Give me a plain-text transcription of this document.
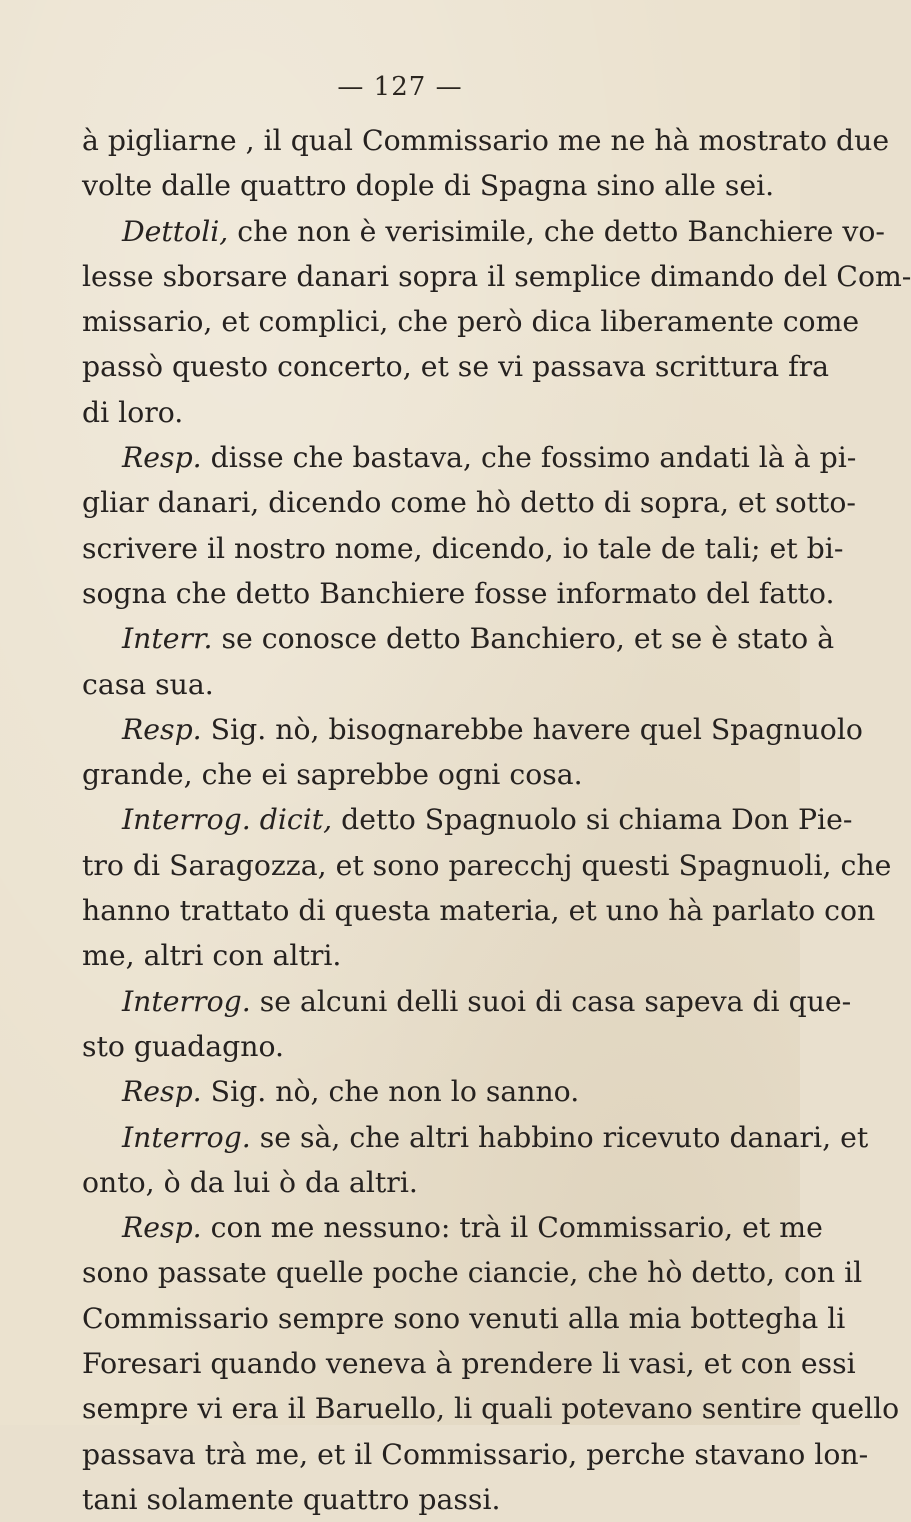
— 127 —
à pigliarne , il qual Commissario me ne hà mostrato due
volte dalle quattro dople di Spagna sino alle sei.
Dettoli, che non è verisimile, che detto Banchiere vo-
lesse sborsare danari sopra il semplice dimando del Com-
missario, et complici, che però dica liberamente come
passò questo concerto, et se vi passava scrittura fra
di loro.
Resp. disse che bastava, che fossimo andati là à pi-
gliar danari, dicendo come hò detto di sopra, et sotto-
scrivere il nostro nome, dicendo, io tale de tali; et bi-
sogna che detto Banchiere fosse informato del fatto.
Interr. se conosce detto Banchiero, et se è stato à
casa sua.
Resp. Sig. nò, bisognarebbe havere quel Spagnuolo
grande, che ei saprebbe ogni cosa.
Interrog. dicit, detto Spagnuolo si chiama Don Pie-
tro di Saragozza, et sono parecchj questi Spagnuoli, che
hanno trattato di questa materia, et uno hà parlato con
me, altri con altri.
Interrog. se alcuni delli suoi di casa sapeva di que-
sto guadagno.
Resp. Sig. nò, che non lo sanno.
Interrog. se sà, che altri habbino ricevuto danari, et
onto, ò da lui ò da altri.
Resp. con me nessuno: trà il Commissario, et me
sono passate quelle poche ciancie, che hò detto, con il
Commissario sempre sono venuti alla mia bottegha li
Foresari quando veneva à prendere li vasi, et con essi
sempre vi era il Baruello, li quali potevano sentire quello
passava trà me, et il Commissario, perche stavano lon-
tani solamente quattro passi.
